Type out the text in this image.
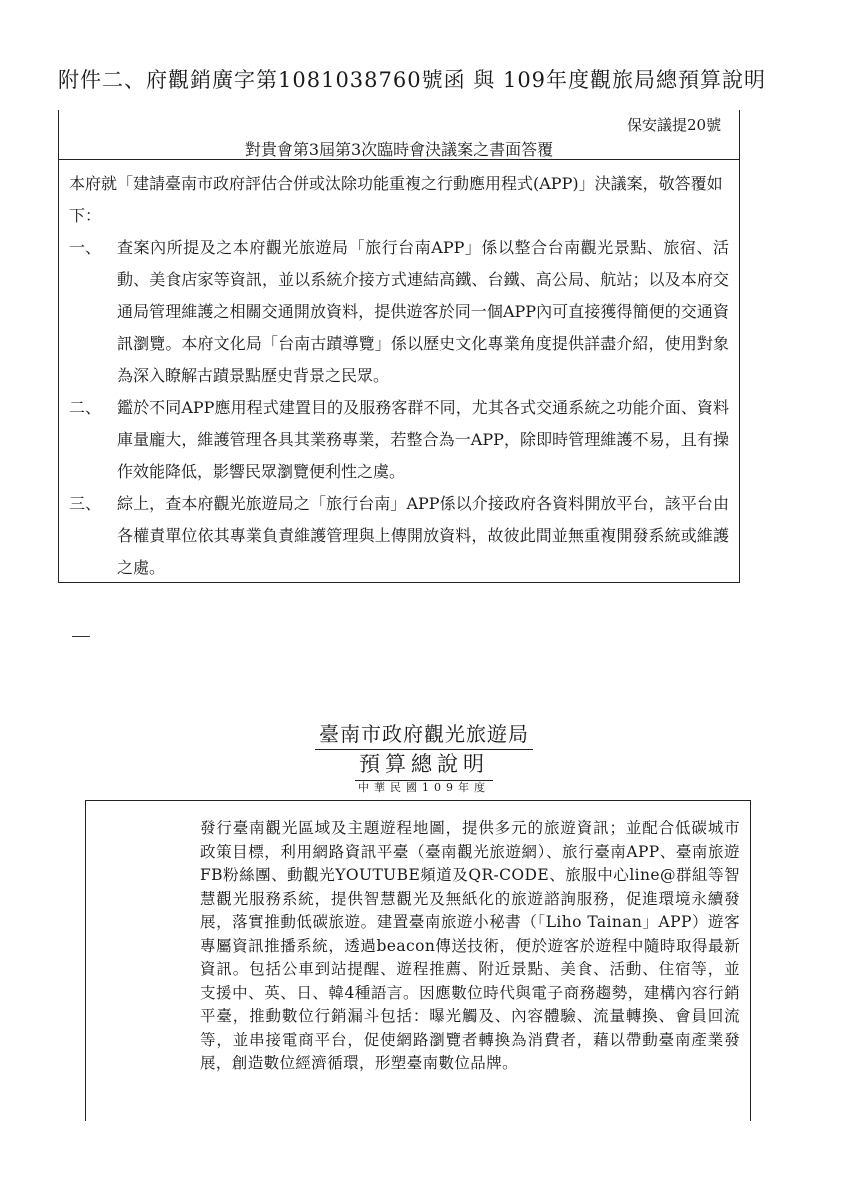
附件二、府觀銷廣字第1081038760號函 與 109年度觀旅局總預算說明
保安議提20號
對貴會第3屆第3次臨時會決議案之書面答覆

本府就「建請臺南市政府評估合併或汰除功能重複之行動應用程式(APP)」決議案，敬答覆如下：

一、 查案內所提及之本府觀光旅遊局「旅行台南APP」係以整合台南觀光景點、旅宿、活動、美食店家等資訊，並以系統介接方式連結高鐵、台鐵、高公局、航站；以及本府交通局管理維護之相關交通開放資料，提供遊客於同一個APP內可直接獲得簡便的交通資訊瀏覽。本府文化局「台南古蹟導覽」係以歷史文化專業角度提供詳盡介紹，使用對象為深入瞭解古蹟景點歷史背景之民眾。
二、 鑑於不同APP應用程式建置目的及服務客群不同，尤其各式交通系統之功能介面、資料庫量龐大，維護管理各具其業務專業，若整合為一APP，除即時管理維護不易，且有操作效能降低，影響民眾瀏覽便利性之虞。
三、 綜上，查本府觀光旅遊局之「旅行台南」APP係以介接政府各資料開放平台，該平台由各權責單位依其專業負責維護管理與上傳開放資料，故彼此間並無重複開發系統或維護之處。
臺南市政府觀光旅遊局
預算總說明
中華民國109年度
發行臺南觀光區域及主題遊程地圖，提供多元的旅遊資訊；並配合低碳城市政策目標，利用網路資訊平臺（臺南觀光旅遊網）、旅行臺南APP、臺南旅遊FB粉絲團、動觀光YOUTUBE頻道及QR-CODE、旅服中心line@群組等智慧觀光服務系統，提供智慧觀光及無紙化的旅遊諮詢服務，促進環境永續發展，落實推動低碳旅遊。建置臺南旅遊小秘書（「Liho Tainan」APP）遊客專屬資訊推播系統，透過beacon傳送技術，便於遊客於遊程中隨時取得最新資訊。包括公車到站提醒、遊程推薦、附近景點、美食、活動、住宿等，並支援中、英、日、韓4種語言。因應數位時代與電子商務趨勢，建構內容行銷平臺，推動數位行銷漏斗包括：曝光觸及、內容體驗、流量轉換、會員回流等，並串接電商平台，促使網路瀏覽者轉換為消費者，藉以帶動臺南產業發展，創造數位經濟循環，形塑臺南數位品牌。
